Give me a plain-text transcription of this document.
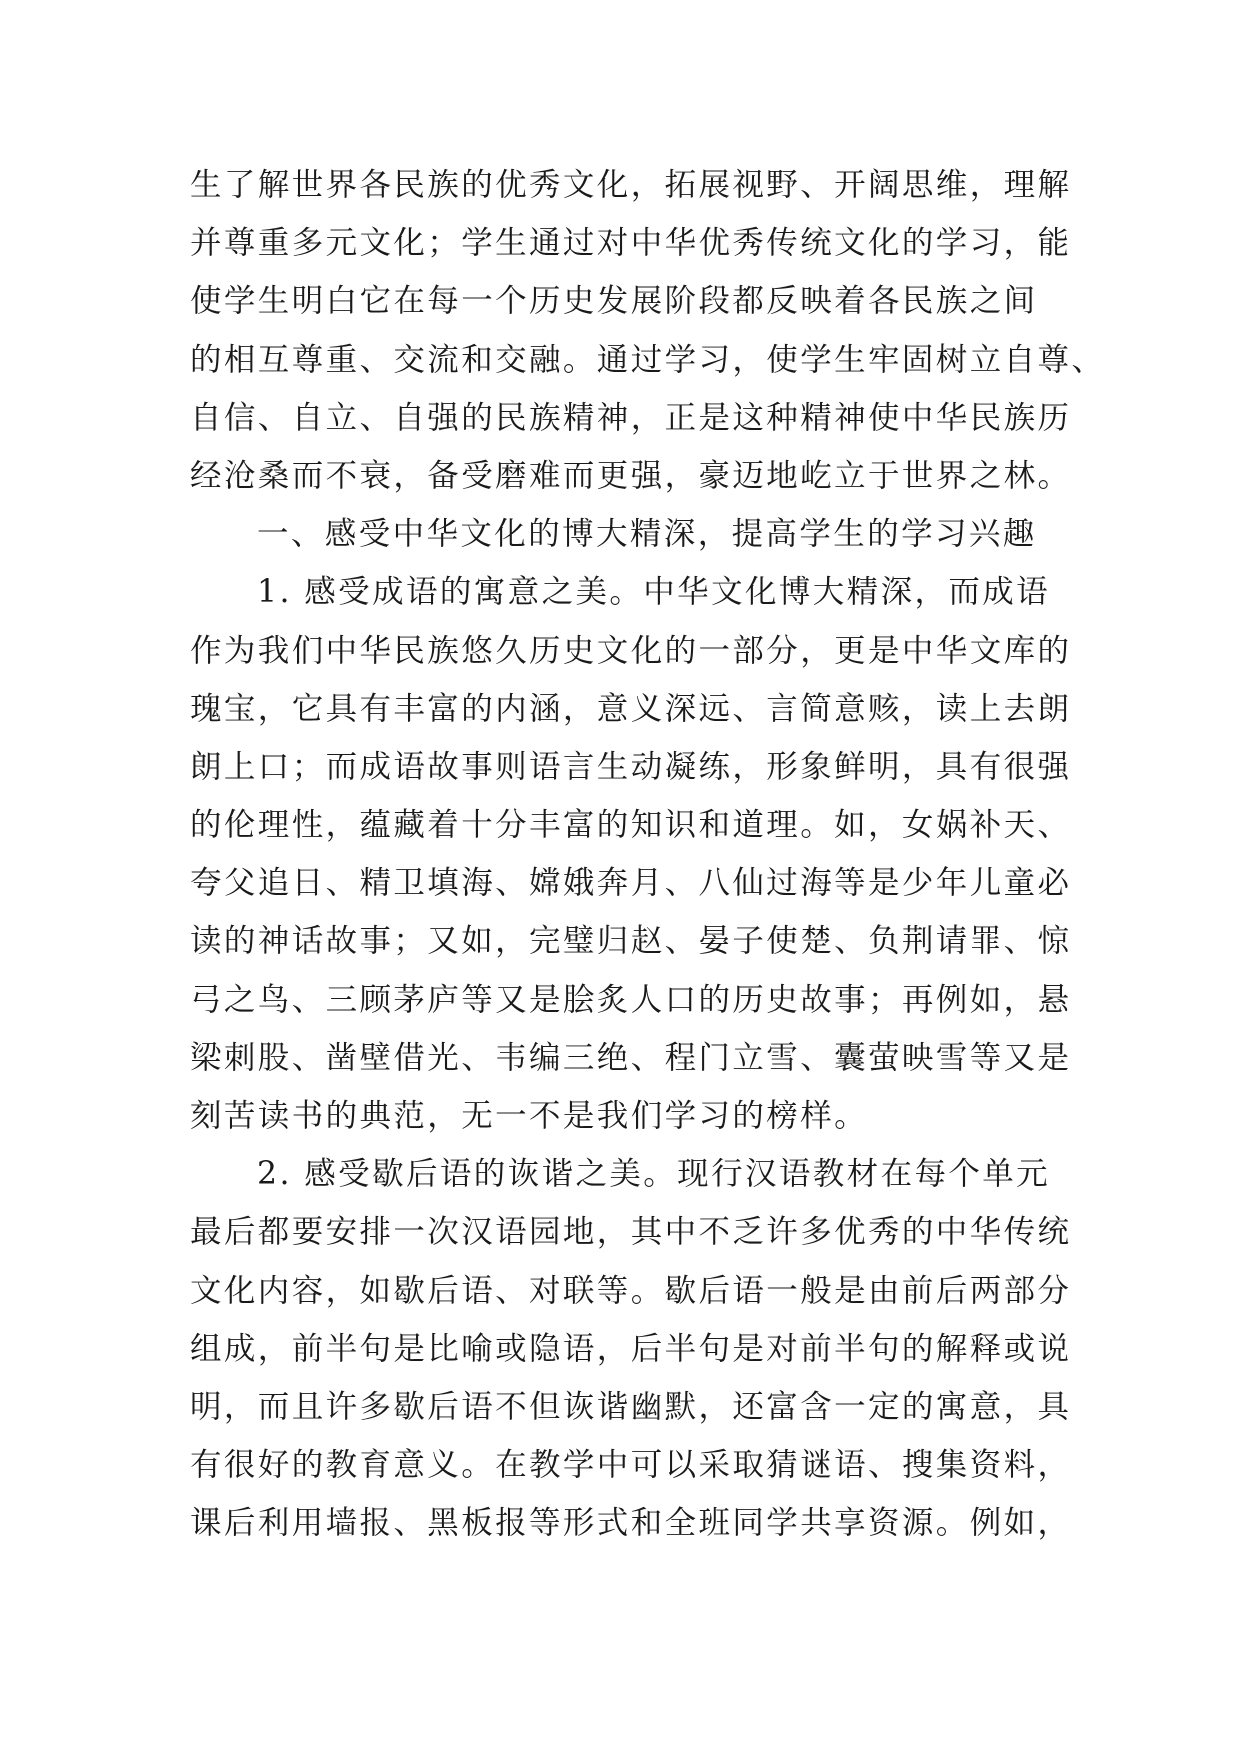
生了解世界各民族的优秀文化，拓展视野、开阔思维，理解
并尊重多元文化；学生通过对中华优秀传统文化的学习，能
使学生明白它在每一个历史发展阶段都反映着各民族之间
的相互尊重、交流和交融。通过学习，使学生牢固树立自尊、
自信、自立、自强的民族精神，正是这种精神使中华民族历
经沧桑而不衰，备受磨难而更强，豪迈地屹立于世界之林。
一、感受中华文化的博大精深，提高学生的学习兴趣
1. 感受成语的寓意之美。中华文化博大精深，而成语
作为我们中华民族悠久历史文化的一部分，更是中华文库的
瑰宝，它具有丰富的内涵，意义深远、言简意赅，读上去朗
朗上口；而成语故事则语言生动凝练，形象鲜明，具有很强
的伦理性，蕴藏着十分丰富的知识和道理。如，女娲补天、
夸父追日、精卫填海、嫦娥奔月、八仙过海等是少年儿童必
读的神话故事；又如，完璧归赵、晏子使楚、负荆请罪、惊
弓之鸟、三顾茅庐等又是脍炙人口的历史故事；再例如，悬
梁刺股、凿壁借光、韦编三绝、程门立雪、囊萤映雪等又是
刻苦读书的典范，无一不是我们学习的榜样。
2. 感受歇后语的诙谐之美。现行汉语教材在每个单元
最后都要安排一次汉语园地，其中不乏许多优秀的中华传统
文化内容，如歇后语、对联等。歇后语一般是由前后两部分
组成，前半句是比喻或隐语，后半句是对前半句的解释或说
明，而且许多歇后语不但诙谐幽默，还富含一定的寓意，具
有很好的教育意义。在教学中可以采取猜谜语、搜集资料，
课后利用墙报、黑板报等形式和全班同学共享资源。例如，
